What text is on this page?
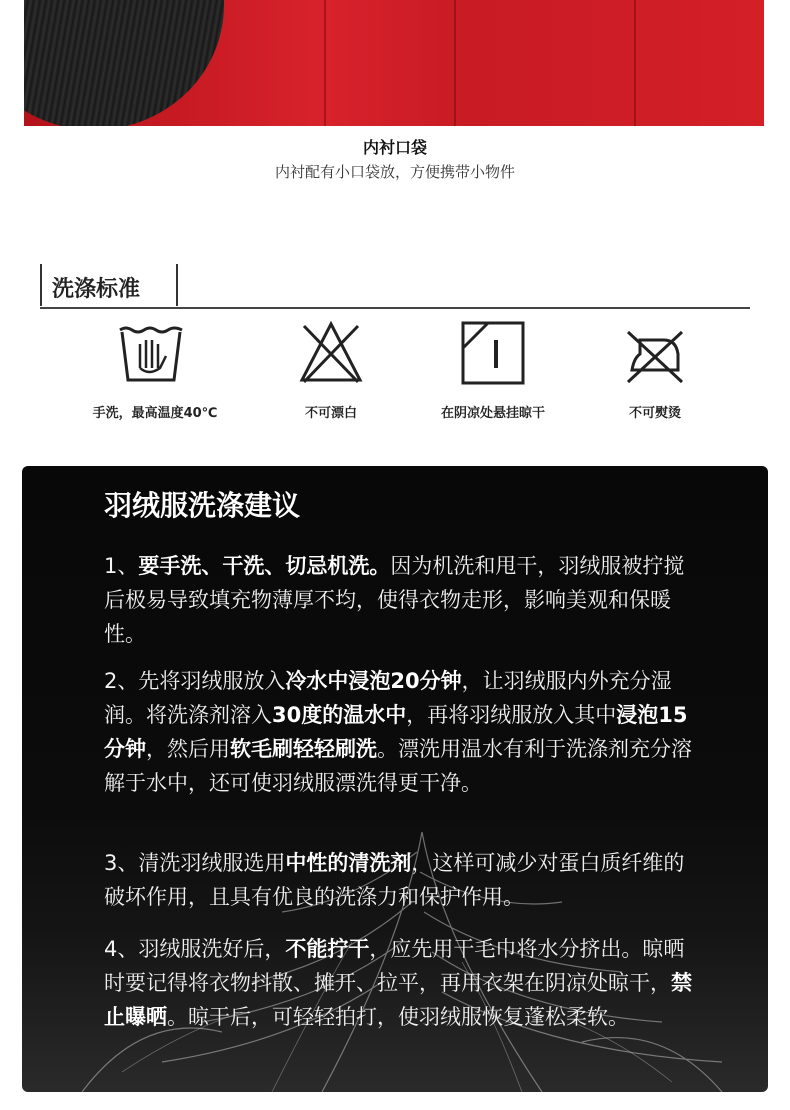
内衬口袋
内衬配有小口袋放，方便携带小物件
洗涤标准
手洗，最高温度40℃	不可漂白	在阴凉处悬挂晾干	不可熨烫
羽绒服洗涤建议
1、要手洗、干洗、切忌机洗。因为机洗和甩干，羽绒服被拧搅后极易导致填充物薄厚不均，使得衣物走形，影响美观和保暖性。
2、先将羽绒服放入冷水中浸泡20分钟，让羽绒服内外充分湿润。将洗涤剂溶入30度的温水中，再将羽绒服放入其中浸泡15分钟，然后用软毛刷轻轻刷洗。漂洗用温水有利于洗涤剂充分溶解于水中，还可使羽绒服漂洗得更干净。
3、清洗羽绒服选用中性的清洗剂，这样可减少对蛋白质纤维的破坏作用，且具有优良的洗涤力和保护作用。
4、羽绒服洗好后，不能拧干，应先用干毛巾将水分挤出。晾晒时要记得将衣物抖散、摊开、拉平，再用衣架在阴凉处晾干，禁止曝晒。晾干后，可轻轻拍打，使羽绒服恢复蓬松柔软。
